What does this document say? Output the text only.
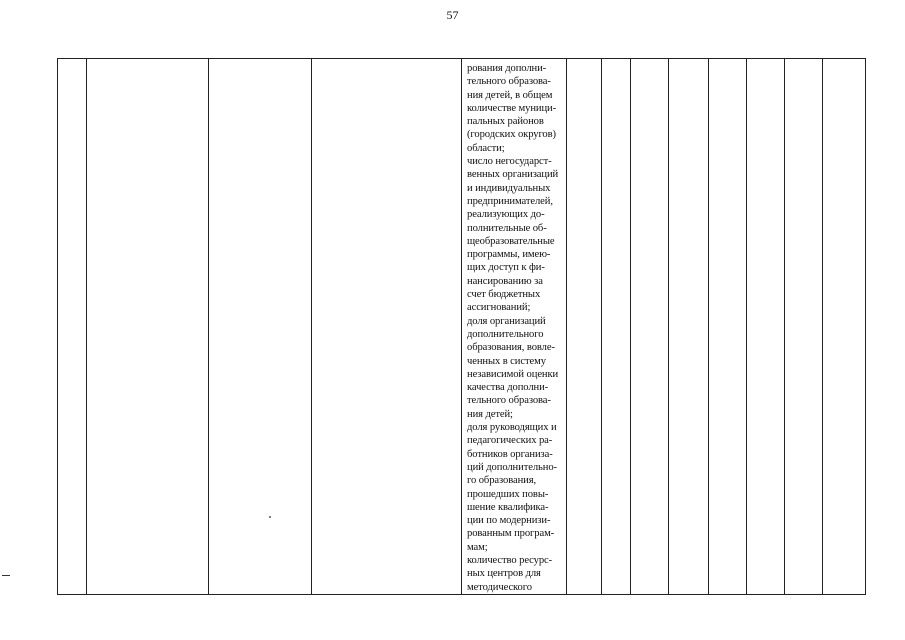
57

рования дополни-
тельного образова-
ния детей, в общем
количестве муници-
пальных районов
(городских округов)
области;
число негосударст-
венных организаций
и индивидуальных
предпринимателей,
реализующих до-
полнительные об-
щеобразовательные
программы, имею-
щих доступ к фи-
нансированию за
счет бюджетных
ассигнований;
доля организаций
дополнительного
образования, вовле-
ченных в систему
независимой оценки
качества дополни-
тельного образова-
ния детей;
доля руководящих и
педагогических ра-
ботников организа-
ций дополнительно-
го образования,
прошедших повы-
шение квалифика-
ции по модернизи-
рованным програм-
мам;
количество ресурс-
ных центров для
методического
